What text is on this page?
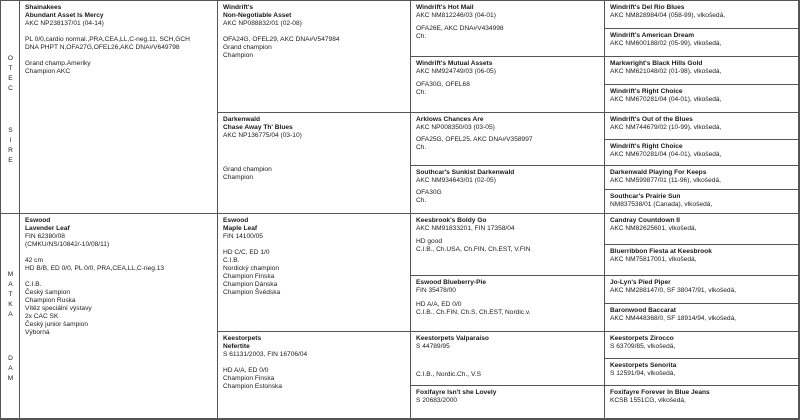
O
T
E
C
S
I
R
E
M
A
T
K
A
D
A
M
Shainakees
Abundant Asset Is Mercy
AKC NP238137/01 (04-14)
PL 0/0,cardio normal.,PRA,CEA,LL,C-neg.11, SCH,GCH
DNA PHPT N,OFA27G,OFEL26,AKC DNA#V649798
Grand champ.Ameriky
Champion AKC
Eswood
Lavender Leaf
FIN 62380/08
(CMKU/NS/10842/-10/08/11)
42 cm
HD B/B, ED 0/0, PL 0/0, PRA,CEA,LL,C-neg.13
C.I.B.
Český šampion
Champion Ruska
Vítěz speciální výstavy
2x CAC SK
Český junior šampion
Výborná
Windrift's
Non-Negotiable Asset
AKC NP088832/01 (02-08)
OFA24G, OFEL29, AKC DNA#V547984
Grand champion
Champion
Darkenwald
Chase Away Th' Blues
AKC NP136775/04 (03-10)
Grand champion
Champion
Eswood
Maple Leaf
FIN 14100/05
HD C/C, ED 1/0
C.I.B.
Nordický champion
Champion Finska
Champion Dánska
Champion Švédska
Keestorpets
Nefertite
S 61131/2003, FIN 16706/04
HD A/A, ED 0/0
Champion Finska
Champion Estonska
Windrift's Hot Mail
AKC NM812246/03 (04-01)
OFA26E, AKC DNA#V434998
Ch.
Windrift's Mutual Assets
AKC NM924749/03 (06-05)
OFA30G, OFEL68
Ch.
Arklows Chances Are
AKC NP008350/03 (03-05)
OFA25G, OFEL25, AKC DNA#V358997
Ch.
Southcar's Sunkist Darkenwald
AKC NM934643/01 (02-05)
OFA30G
Ch.
Keesbrook's Boldy Go
AKC NM91833201, FIN 17358/04
HD good
C.I.B., Ch.USA, Ch.FIN, Ch.EST, V.FIN
Eswood Blueberry-Pie
FIN 35478/00
HD A/A, ED 0/0
C.I.B., Ch.FIN, Ch.S, Ch.EST, Nordic.v.
Keestorpets Valparaiso
S 44789/95
C.I.B., Nordic.Ch., V.S
Foxifayre Isn't she Lovely
S 20683/2000
Windrift's Del Rio Blues
AKC NM828984/04 (058-99), vlkošedá,
Windrift's American Dream
AKC NM600188/02 (05-99), vlkošedá,
Markwright's Black Hills Gold
AKC NM621048/02 (01-98), vlkošedá,
Windrift's Right Choice
AKC NM670281/04 (04-01), vlkošedá,
Windrift's Out of the Blues
AKC NM744679/02 (10-99), vlkošedá,
Windrift's Right Choice
AKC NM670281/04 (04-01), vlkošedá,
Darkenwald Playing For Keeps
AKC NM599877/01 (11-96), vlkošedá,
Southcar's Prairie Sun
NM837538/01 (Canada), vlkošedá,
Candray Countdown II
AKC NM82625601, vlkošedá,
Bluerribbon Fiesta at Keesbrook
AKC NM75817001, vlkošedá,
Jo-Lyn's Pied Piper
AKC NM288147/0, SF 38047/91, vlkošedá,
Baronwood Baccarat
AKC NM448368/0, SF 18914/94, vlkošedá,
Keestorpets Zirocco
S 63709/85, vlkošedá,
Keestorpets Senorita
S 12591/94, vlkošedá,
Foxifayre Forever In Blue Jeans
KCSB 1551CG, vlkošedá,
